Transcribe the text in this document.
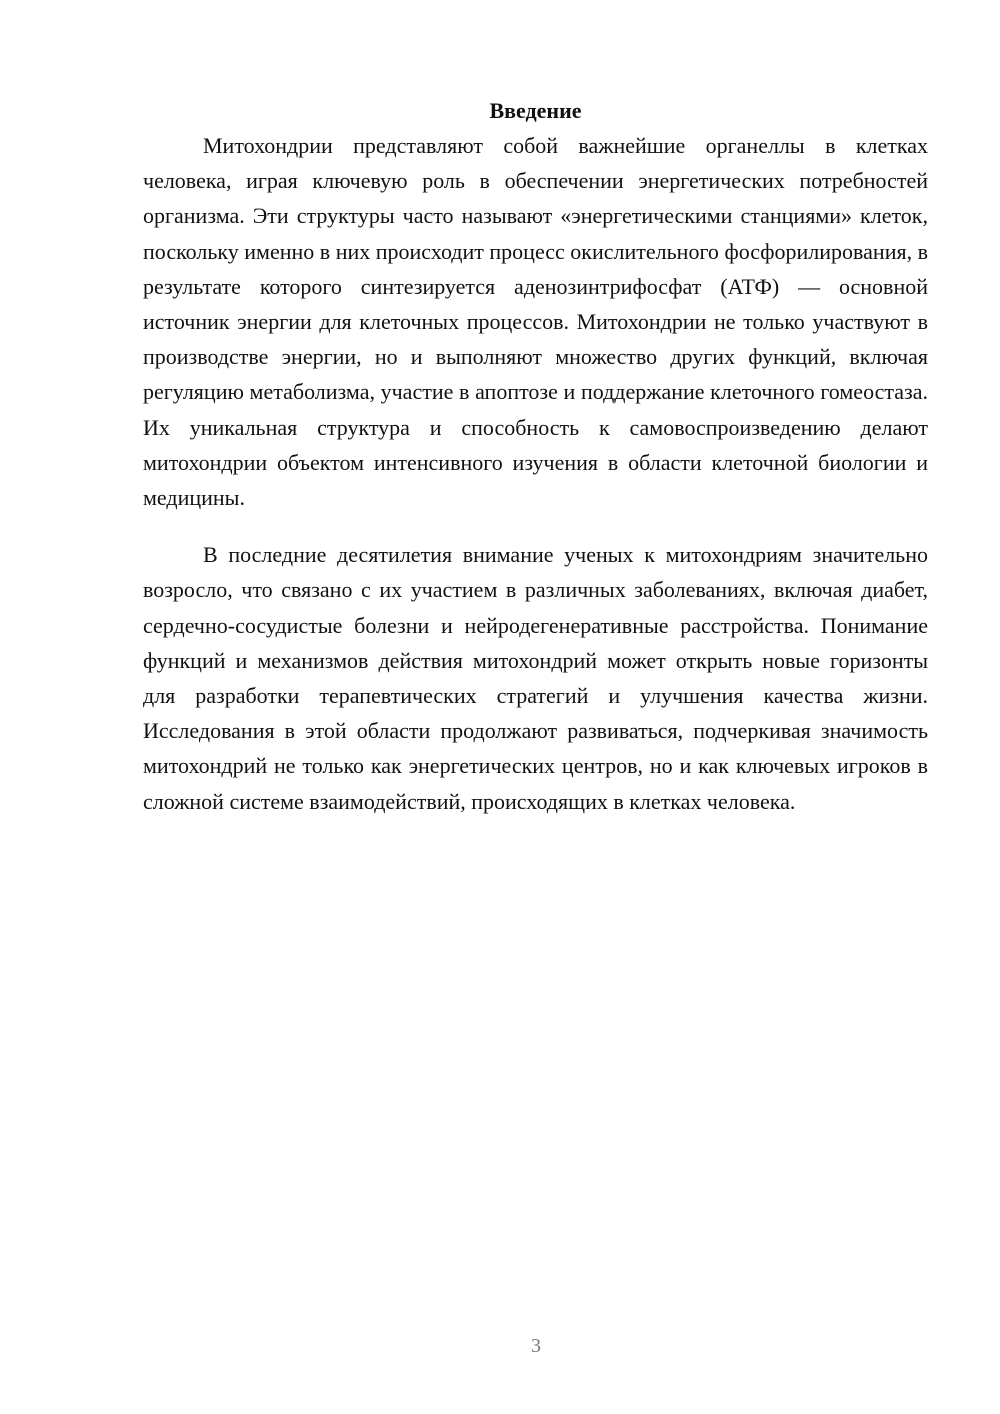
Введение

Митохондрии представляют собой важнейшие органеллы в клетках человека, играя ключевую роль в обеспечении энергетических потребностей организма. Эти структуры часто называют «энергетическими станциями» клеток, поскольку именно в них происходит процесс окислительного фосфорилирования, в результате которого синтезируется аденозинтрифосфат (АТФ) — основной источник энергии для клеточных процессов. Митохондрии не только участвуют в производстве энергии, но и выполняют множество других функций, включая регуляцию метаболизма, участие в апоптозе и поддержание клеточного гомеостаза. Их уникальная структура и способность к самовоспроизведению делают митохондрии объектом интенсивного изучения в области клеточной биологии и медицины.

В последние десятилетия внимание ученых к митохондриям значительно возросло, что связано с их участием в различных заболеваниях, включая диабет, сердечно-сосудистые болезни и нейродегенеративные расстройства. Понимание функций и механизмов действия митохондрий может открыть новые горизонты для разработки терапевтических стратегий и улучшения качества жизни. Исследования в этой области продолжают развиваться, подчеркивая значимость митохондрий не только как энергетических центров, но и как ключевых игроков в сложной системе взаимодействий, происходящих в клетках человека.

3
